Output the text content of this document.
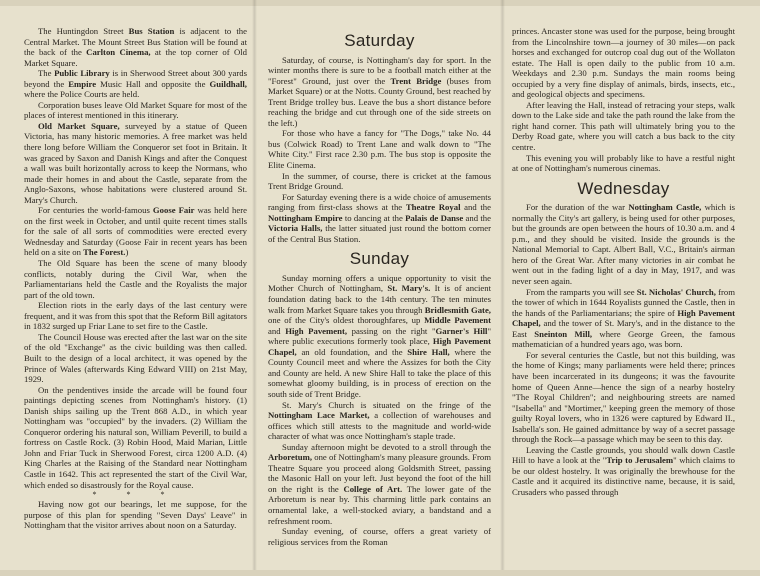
The Huntingdon Street Bus Station is adjacent to the Central Market. The Mount Street Bus Station will be found at the back of the Carlton Cinema, at the top corner of Old Market Square.

The Public Library is in Sherwood Street about 300 yards beyond the Empire Music Hall and opposite the Guildhall, where the Police Courts are held.

Corporation buses leave Old Market Square for most of the places of interest mentioned in this itinerary.

Old Market Square, surveyed by a statue of Queen Victoria, has many historic memories. A free market was held there long before William the Conqueror set foot in Britain. It was graced by Saxon and Danish Kings and after the Conquest a wall was built horizontally across to keep the Normans, who made their homes in and about the Castle, separate from the Anglo-Saxons, whose habitations were clustered around St. Mary's Church.

For centuries the world-famous Goose Fair was held here on the first week in October, and until quite recent times stalls for the sale of all sorts of commodities were erected every Wednesday and Saturday (Goose Fair in recent years has been held on a site on The Forest.)

The Old Square has been the scene of many bloody conflicts, notably during the Civil War, when the Parliamentarians held the Castle and the Royalists the major part of the old town.

Election riots in the early days of the last century were frequent, and it was from this spot that the Reform Bill agitators in 1832 surged up Friar Lane to set fire to the Castle.

The Council House was erected after the last war on the site of the old "Exchange" as the civic building was then called. Built to the design of a local architect, it was opened by the Prince of Wales (afterwards King Edward VIII) on 21st May, 1929.

On the pendentives inside the arcade will be found four paintings depicting scenes from Nottingham's history. (1) Danish ships sailing up the Trent 868 A.D., in which year Nottingham was "occupied" by the invaders. (2) William the Conqueror ordering his natural son, William Peverill, to build a fortress on Castle Rock. (3) Robin Hood, Maid Marian, Little John and Friar Tuck in Sherwood Forest, circa 1200 A.D. (4) King Charles at the Raising of the Standard near Nottingham Castle in 1642. This act represented the start of the Civil War, which ended so disastrously for the Royal cause.

* * *

Having now got our bearings, let me suppose, for the purpose of this plan for spending "Seven Days' Leave" in Nottingham that the visitor arrives about noon on a Saturday.

Saturday

Saturday, of course, is Nottingham's day for sport. In the winter months there is sure to be a football match either at the "Forest" Ground, just over the Trent Bridge (buses from Market Square) or at the Notts. County Ground, best reached by Trent Bridge trolley bus. Leave the bus a short distance before reaching the bridge and cut through one of the side streets on the left.)

For those who have a fancy for "The Dogs," take No. 44 bus (Colwick Road) to Trent Lane and walk down to "The White City." First race 2.30 p.m. The bus stop is opposite the Elite Cinema.

In the summer, of course, there is cricket at the famous Trent Bridge Ground.

For Saturday evening there is a wide choice of amusements ranging from first-class shows at the Theatre Royal and the Nottingham Empire to dancing at the Palais de Danse and the Victoria Halls, the latter situated just round the bottom corner of the Central Bus Station.

Sunday

Sunday morning offers a unique opportunity to visit the Mother Church of Nottingham, St. Mary's. It is of ancient foundation dating back to the 14th century. The ten minutes walk from Market Square takes you through Bridlesmith Gate, one of the City's oldest thoroughfares, up Middle Pavement and High Pavement, passing on the right "Garner's Hill" where public executions formerly took place, High Pavement Chapel, an old foundation, and the Shire Hall, where the County Council meet and where the Assizes for both the City and County are held. A new Shire Hall to take the place of this somewhat gloomy building, is in process of erection on the south side of Trent Bridge.

St. Mary's Church is situated on the fringe of the Nottingham Lace Market, a collection of warehouses and offices which still attests to the magnitude and world-wide character of what was once Nottingham's staple trade.

Sunday afternoon might be devoted to a stroll through the Arboretum, one of Nottingham's many pleasure grounds. From Theatre Square you proceed along Goldsmith Street, passing the Masonic Hall on your left. Just beyond the foot of the hill on the right is the College of Art. The lower gate of the Arboretum is near by. This charming little park contains an ornamental lake, a well-stocked aviary, a bandstand and a refreshment room.

Sunday evening, of course, offers a great variety of religious services from the Roman

princes. Ancaster stone was used for the purpose, being brought from the Lincolnshire town—a journey of 30 miles—on pack horses and exchanged for outcrop coal dug out of the Wollaton estate. The Hall is open daily to the public from 10 a.m. Weekdays and 2.30 p.m. Sundays the main rooms being occupied by a very fine display of animals, birds, insects, etc., and geological objects and specimens.

After leaving the Hall, instead of retracing your steps, walk down to the Lake side and take the path round the lake from the right hand corner. This path will ultimately bring you to the Derby Road gate, where you will catch a bus back to the city centre.

This evening you will probably like to have a restful night at one of Nottingham's numerous cinemas.

Wednesday

For the duration of the war Nottingham Castle, which is normally the City's art gallery, is being used for other purposes, but the grounds are open between the hours of 10.30 a.m. and 4 p.m., and they should be visited. Inside the grounds is the National Memorial to Capt. Albert Ball, V.C., Britain's airman hero of the Great War. After many victories in air combat he went out in the fading light of a day in May, 1917, and was never seen again.

From the ramparts you will see St. Nicholas' Church, from the tower of which in 1644 Royalists gunned the Castle, then in the hands of the Parliamentarians; the spire of High Pavement Chapel, and the tower of St. Mary's, and in the distance to the East Sneinton Mill, where George Green, the famous mathematician of a hundred years ago, was born.

For several centuries the Castle, but not this building, was the home of Kings; many parliaments were held there; princes have been incarcerated in its dungeons; it was the favourite home of Queen Anne—hence the sign of a nearby hostelry "The Royal Children"; and neighbouring streets are named "Isabella" and "Mortimer," keeping green the memory of those guilty Royal lovers, who in 1326 were captured by Edward II., Isabella's son. He gained admittance by way of a secret passage through the Rock—a passage which may be seen to this day.

Leaving the Castle grounds, you should walk down Castle Hill to have a look at the "Trip to Jerusalem" which claims to be our oldest hostelry. It was originally the brewhouse for the Castle and it acquired its distinctive name, because, it is said, Crusaders who passed through
